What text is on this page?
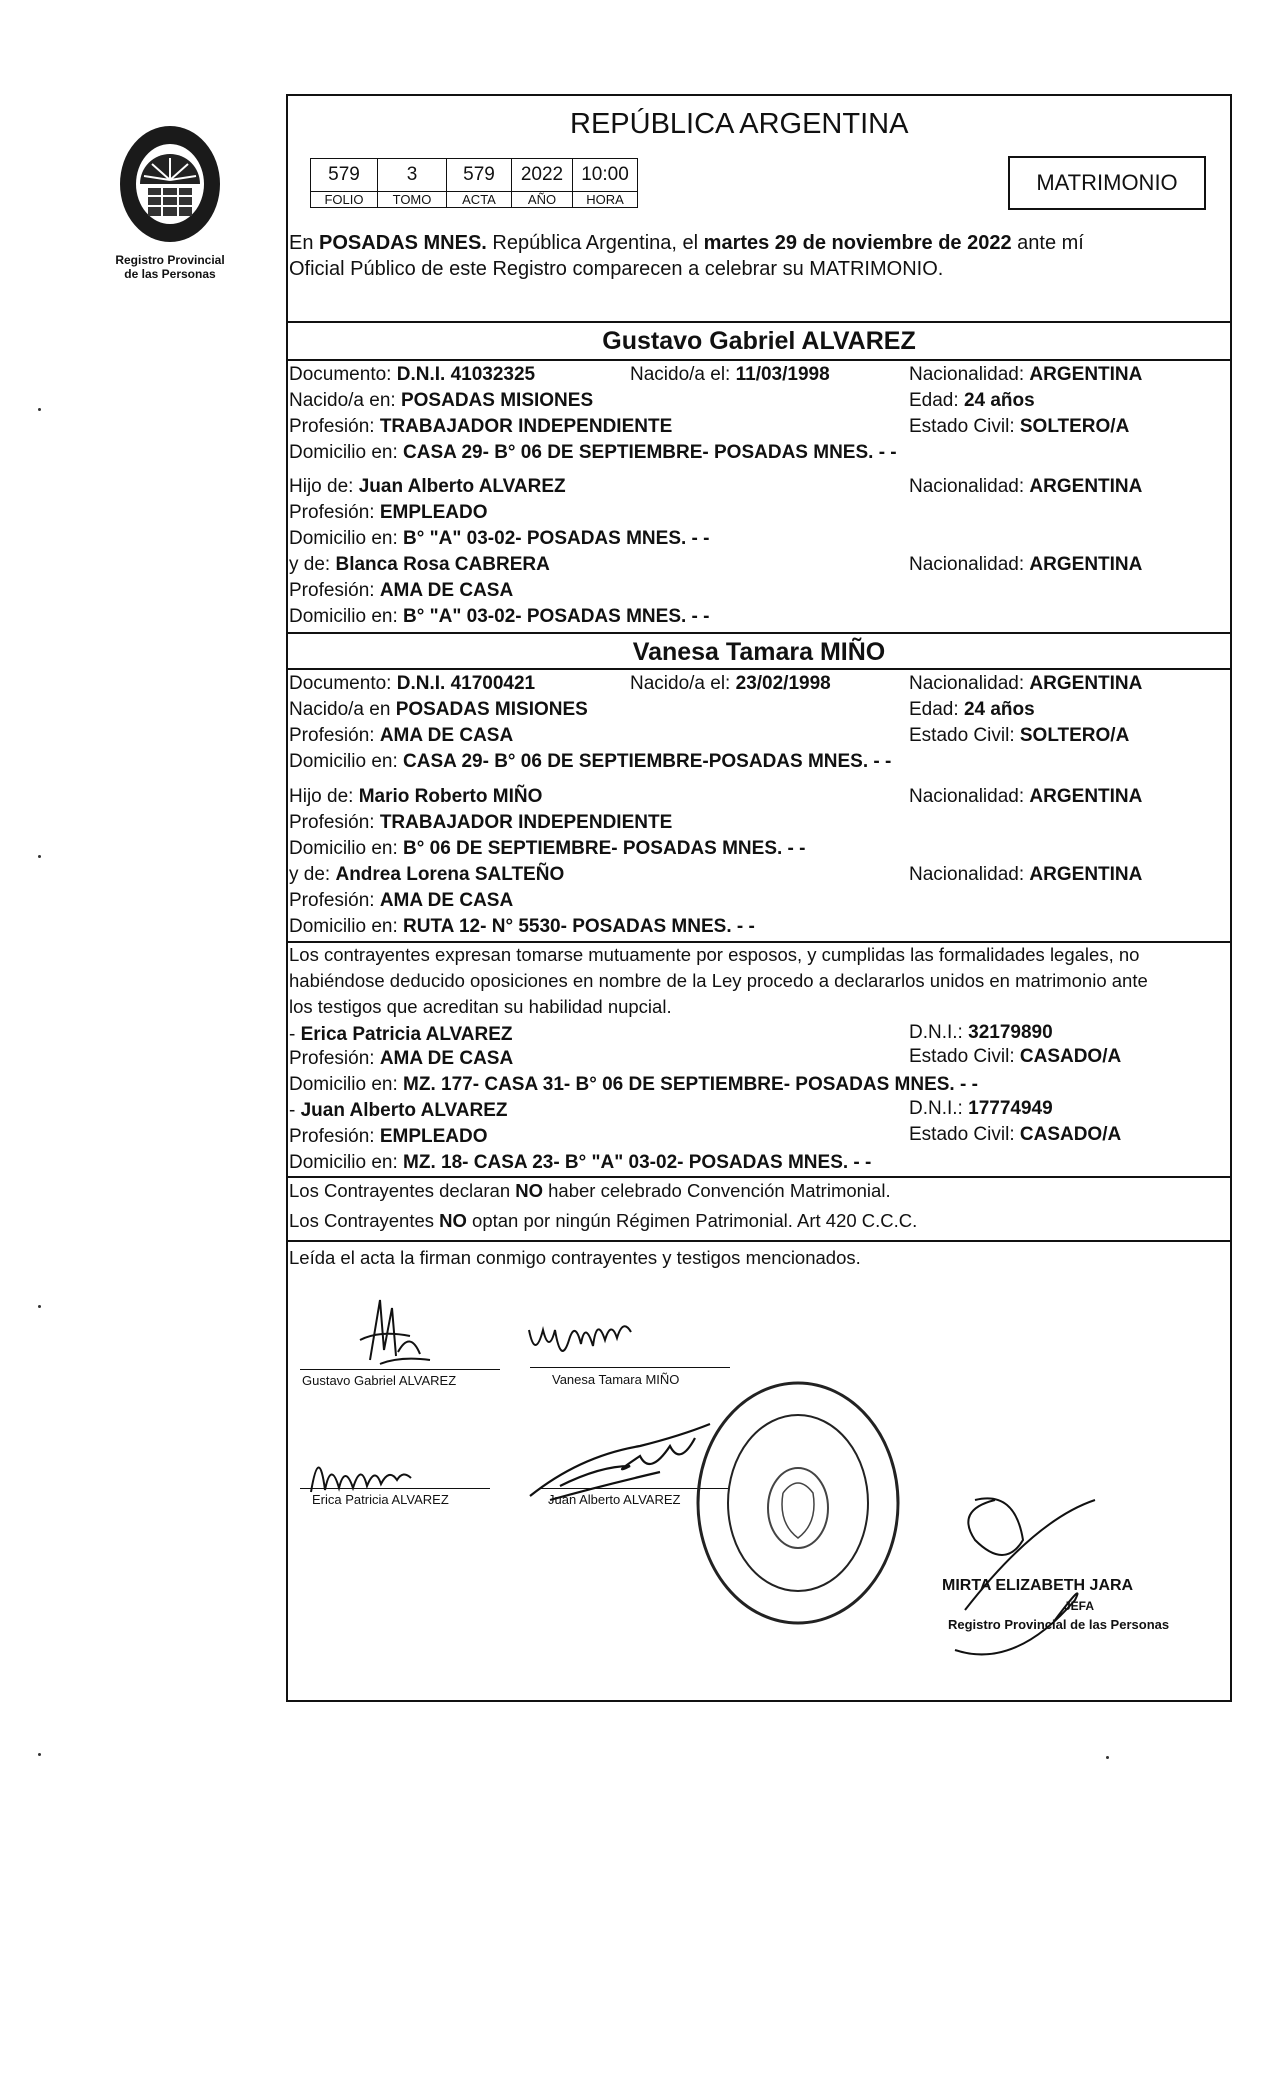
Registro Provincial
de las Personas
REPÚBLICA ARGENTINA
579	3	579	2022	10:00
FOLIO	TOMO	ACTA	AÑO	HORA
MATRIMONIO
En POSADAS MNES. República Argentina, el martes 29 de noviembre de 2022 ante mí
Oficial Público de este Registro comparecen a celebrar su MATRIMONIO.
Gustavo Gabriel ALVAREZ
Documento: D.N.I. 41032325	Nacido/a el: 11/03/1998	Nacionalidad: ARGENTINA
Nacido/a en: POSADAS MISIONES	Edad: 24 años
Profesión: TRABAJADOR INDEPENDIENTE	Estado Civil: SOLTERO/A
Domicilio en: CASA 29- B° 06 DE SEPTIEMBRE- POSADAS MNES. - -
Hijo de: Juan Alberto ALVAREZ	Nacionalidad: ARGENTINA
Profesión: EMPLEADO
Domicilio en: B° "A" 03-02- POSADAS MNES. - -
y de: Blanca Rosa CABRERA	Nacionalidad: ARGENTINA
Profesión: AMA DE CASA
Domicilio en: B° "A" 03-02- POSADAS MNES. - -
Vanesa Tamara MIÑO
Documento: D.N.I. 41700421	Nacido/a el: 23/02/1998	Nacionalidad: ARGENTINA
Nacido/a en POSADAS MISIONES	Edad: 24 años
Profesión: AMA DE CASA	Estado Civil: SOLTERO/A
Domicilio en: CASA 29- B° 06 DE SEPTIEMBRE-POSADAS MNES. - -
Hijo de: Mario Roberto MIÑO	Nacionalidad: ARGENTINA
Profesión: TRABAJADOR INDEPENDIENTE
Domicilio en: B° 06 DE SEPTIEMBRE- POSADAS MNES. - -
y de: Andrea Lorena SALTEÑO	Nacionalidad: ARGENTINA
Profesión: AMA DE CASA
Domicilio en: RUTA 12- N° 5530- POSADAS MNES. - -
Los contrayentes expresan tomarse mutuamente por esposos, y cumplidas las formalidades legales, no
habiéndose deducido oposiciones en nombre de la Ley procedo a declararlos unidos en matrimonio ante
los testigos que acreditan su habilidad nupcial.
- Erica Patricia ALVAREZ	D.N.I.: 32179890
Profesión: AMA DE CASA	Estado Civil: CASADO/A
Domicilio en: MZ. 177- CASA 31- B° 06 DE SEPTIEMBRE- POSADAS MNES. - -
- Juan Alberto ALVAREZ	D.N.I.: 17774949
Profesión: EMPLEADO	Estado Civil: CASADO/A
Domicilio en: MZ. 18- CASA 23- B° "A" 03-02- POSADAS MNES. - -
Los Contrayentes declaran NO haber celebrado Convención Matrimonial.
Los Contrayentes NO optan por ningún Régimen Patrimonial. Art 420 C.C.C.
Leída el acta la firman conmigo contrayentes y testigos mencionados.
Gustavo Gabriel ALVAREZ	Vanesa Tamara MIÑO
Erica Patricia ALVAREZ	Juan Alberto ALVAREZ
MIRTA ELIZABETH JARA
JEFA
Registro Provincial de las Personas
